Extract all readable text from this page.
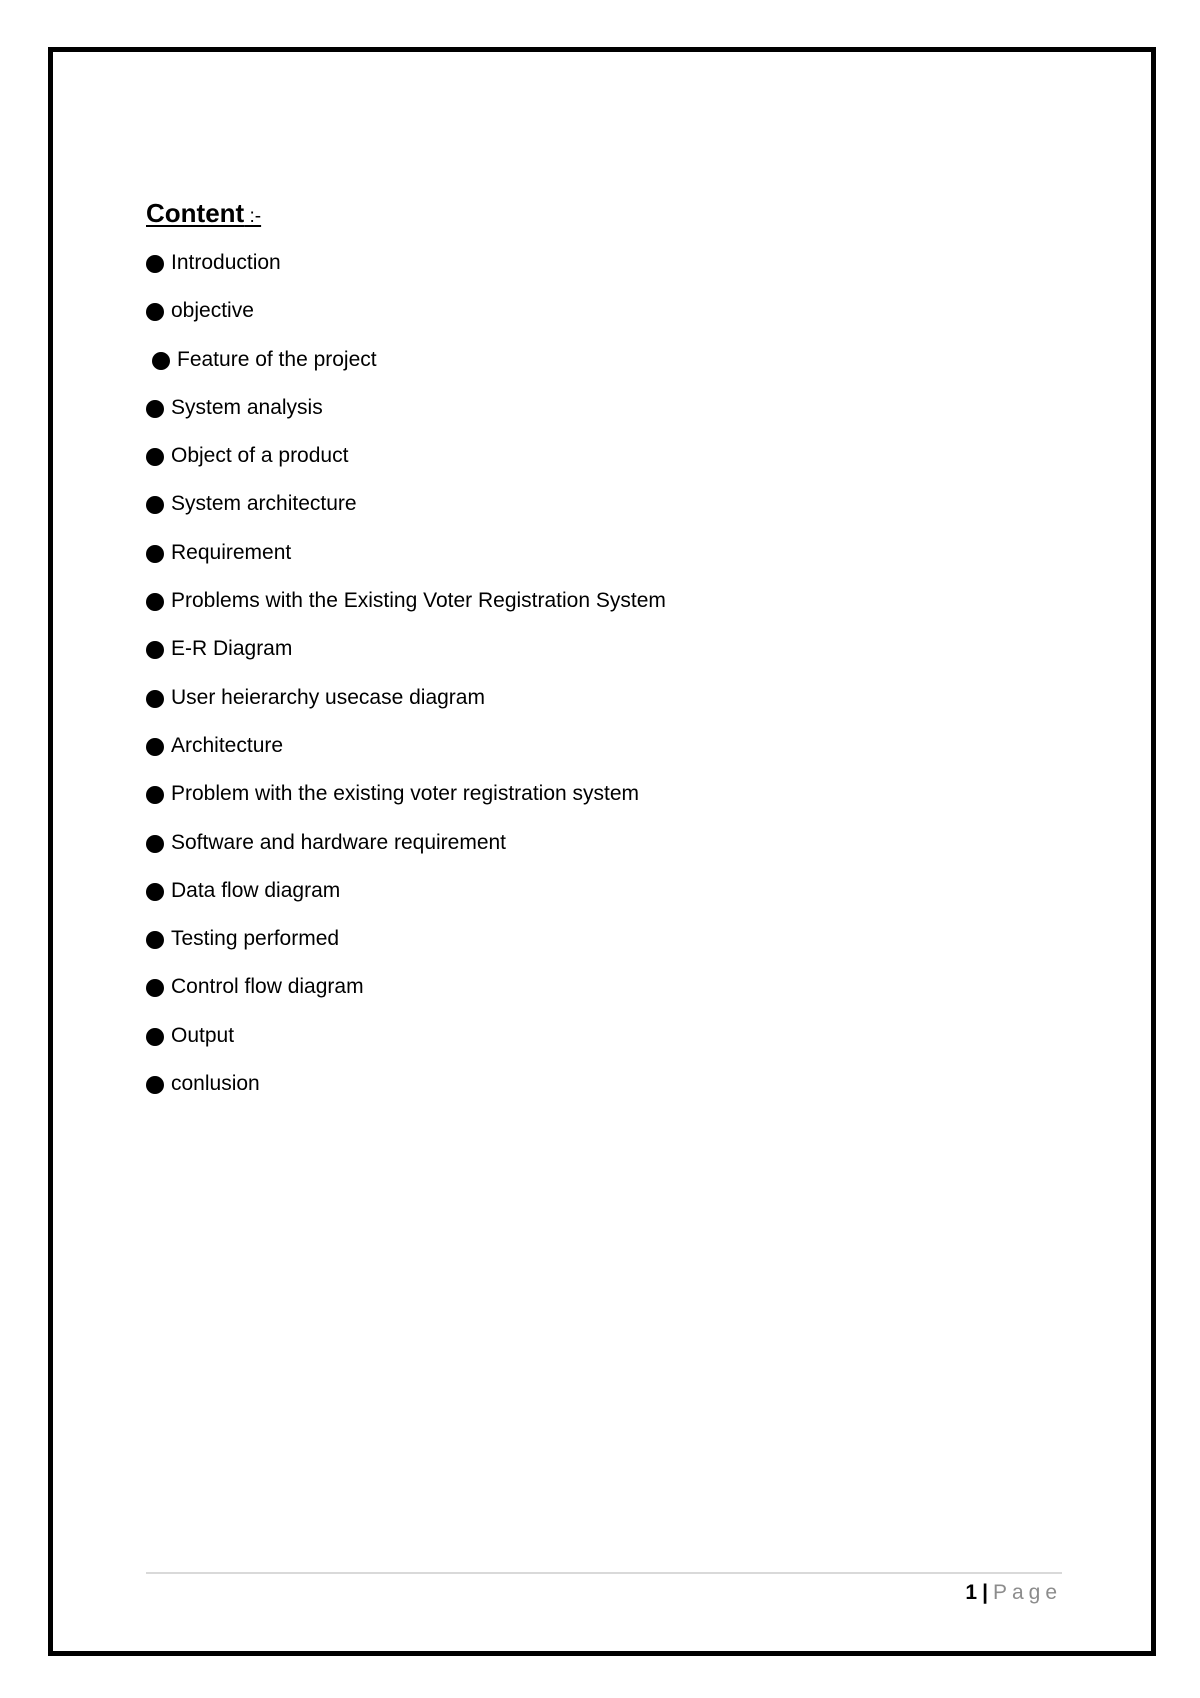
Content :-
Introduction
objective
Feature of the project
System analysis
Object of a product
System architecture
Requirement
Problems with the Existing Voter Registration System
E-R Diagram
User heierarchy usecase diagram
Architecture
Problem with the existing voter registration system
Software and hardware requirement
Data flow diagram
Testing performed
Control flow diagram
Output
conlusion
1 | Page
